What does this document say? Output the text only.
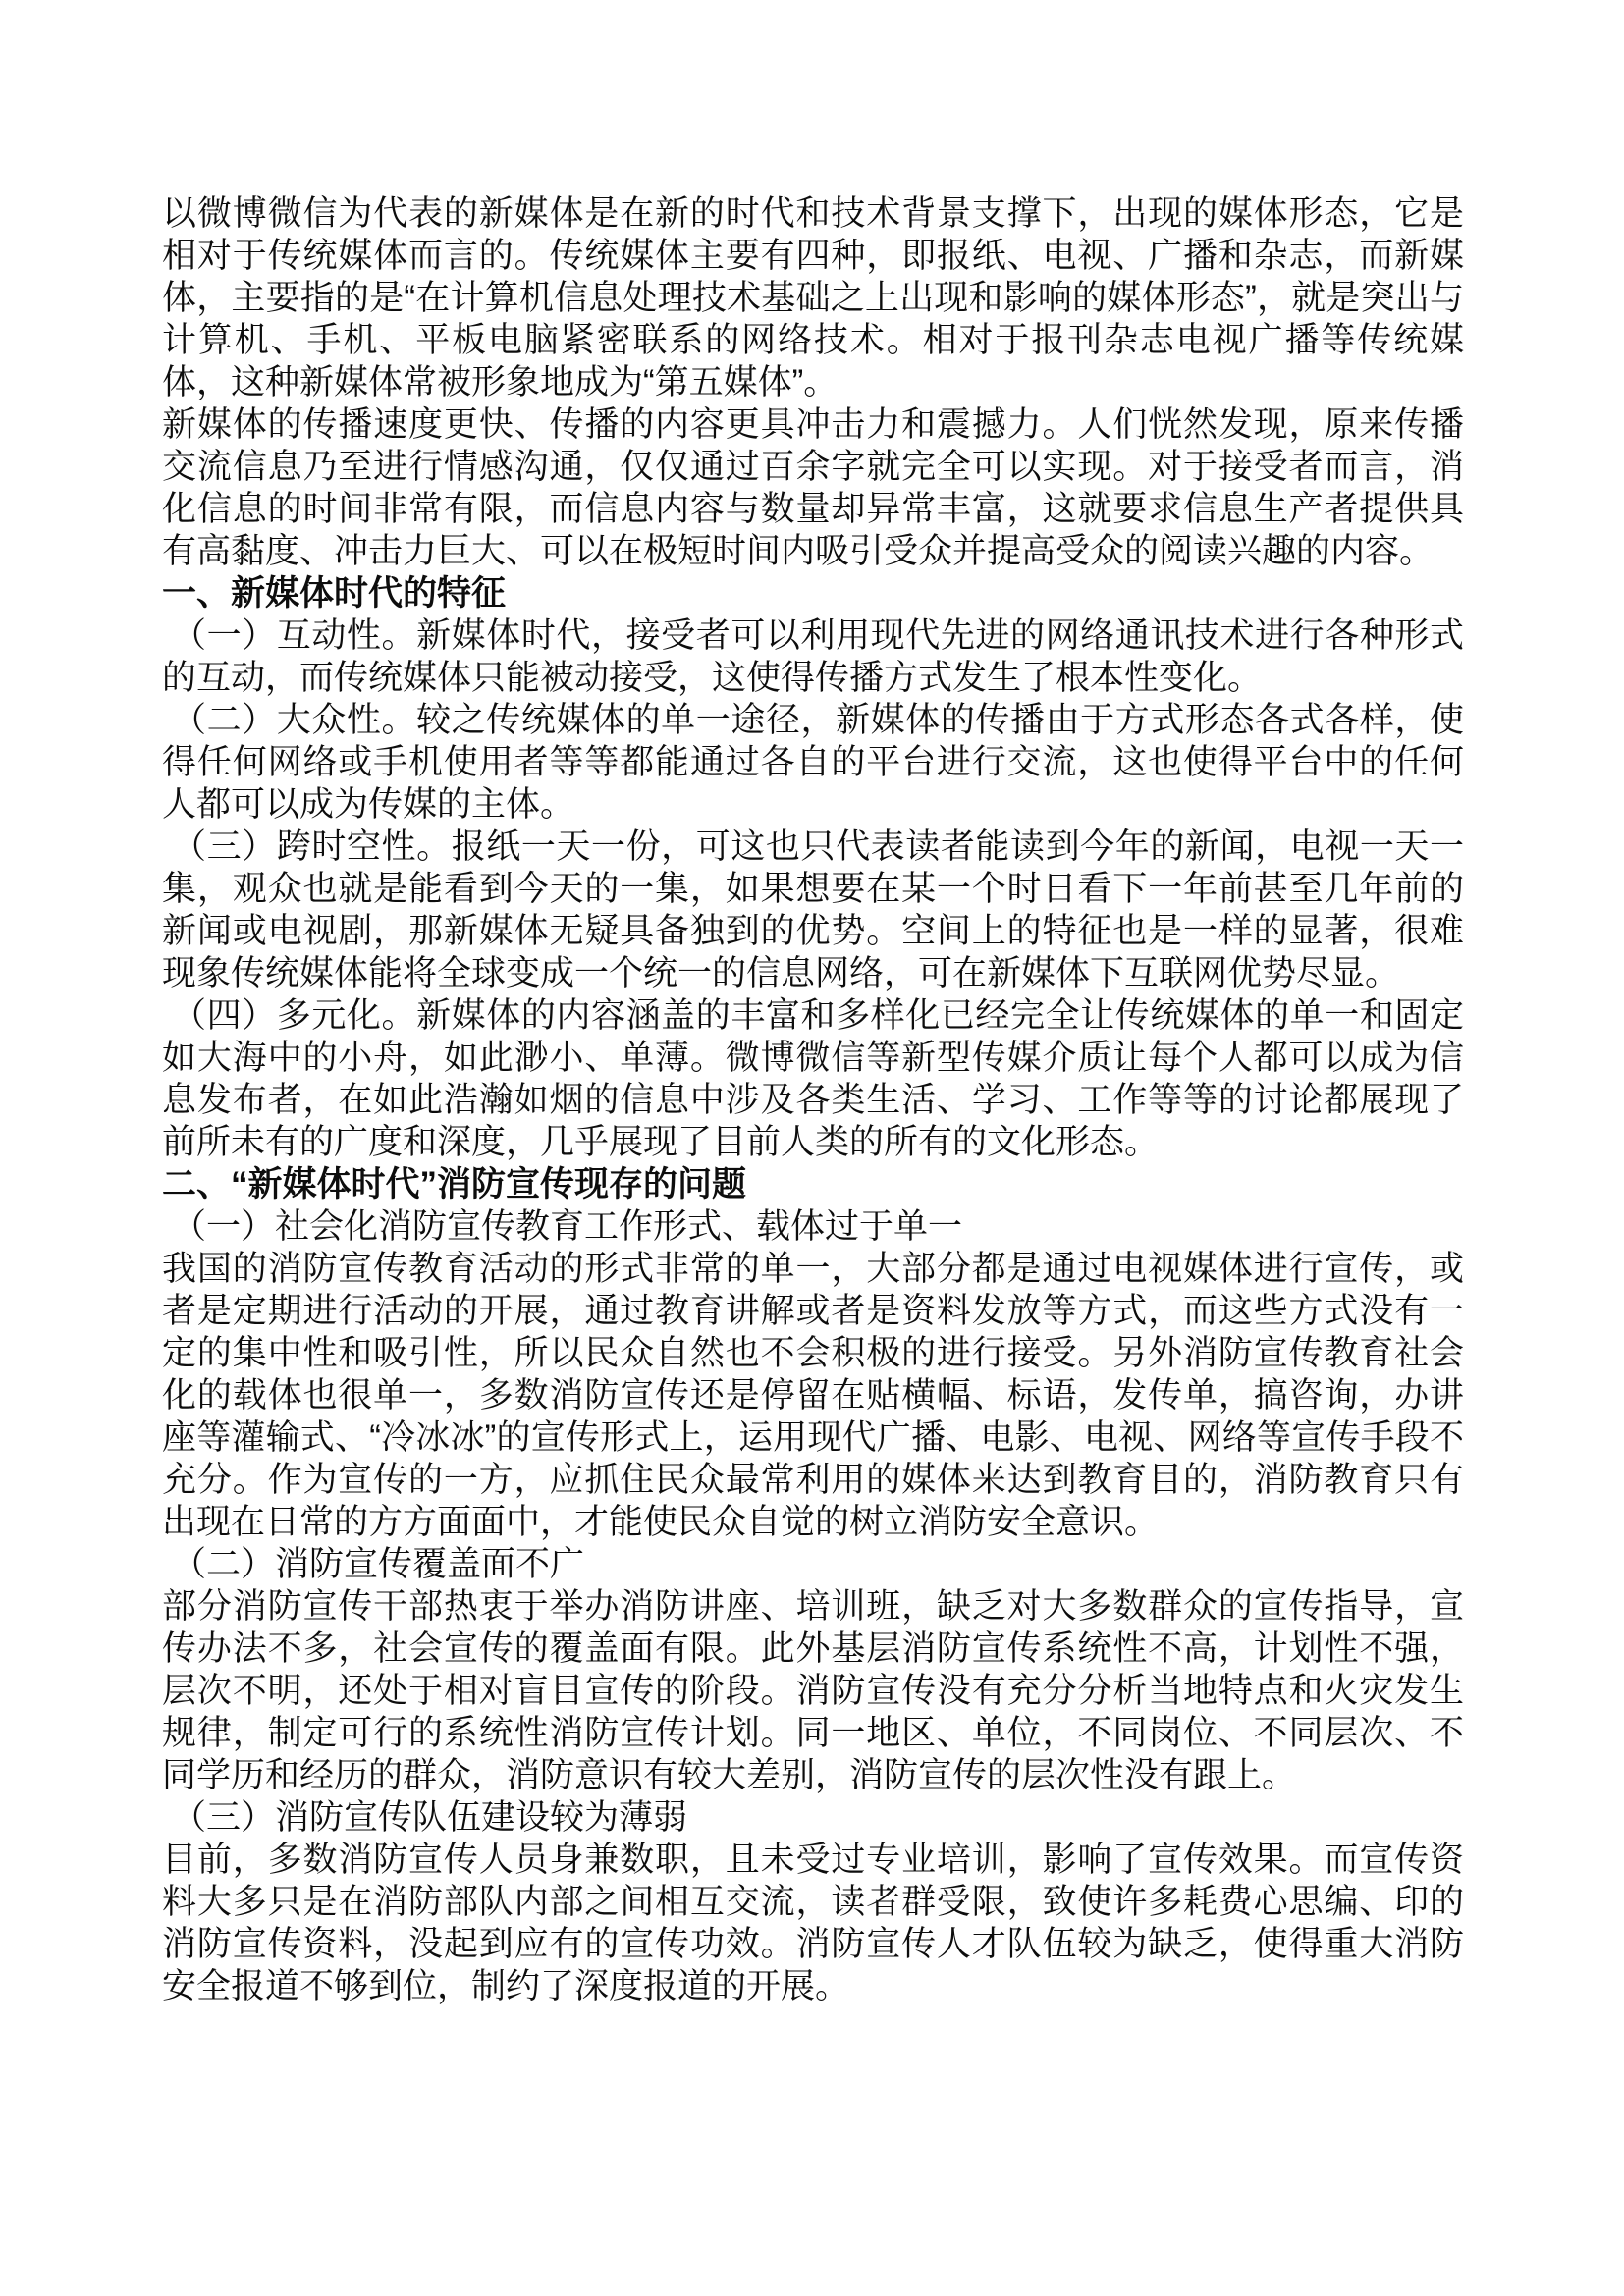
以微博微信为代表的新媒体是在新的时代和技术背景支撑下，出现的媒体形态，它是相对于传统媒体而言的。传统媒体主要有四种，即报纸、电视、广播和杂志，而新媒体，主要指的是“在计算机信息处理技术基础之上出现和影响的媒体形态”，就是突出与计算机、手机、平板电脑紧密联系的网络技术。相对于报刊杂志电视广播等传统媒体，这种新媒体常被形象地成为“第五媒体”。

新媒体的传播速度更快、传播的内容更具冲击力和震撼力。人们恍然发现，原来传播交流信息乃至进行情感沟通，仅仅通过百余字就完全可以实现。对于接受者而言，消化信息的时间非常有限，而信息内容与数量却异常丰富，这就要求信息生产者提供具有高黏度、冲击力巨大、可以在极短时间内吸引受众并提高受众的阅读兴趣的内容。

一、新媒体时代的特征

（一）互动性。新媒体时代，接受者可以利用现代先进的网络通讯技术进行各种形式的互动，而传统媒体只能被动接受，这使得传播方式发生了根本性变化。

（二）大众性。较之传统媒体的单一途径，新媒体的传播由于方式形态各式各样，使得任何网络或手机使用者等等都能通过各自的平台进行交流，这也使得平台中的任何人都可以成为传媒的主体。

（三）跨时空性。报纸一天一份，可这也只代表读者能读到今年的新闻，电视一天一集，观众也就是能看到今天的一集，如果想要在某一个时日看下一年前甚至几年前的新闻或电视剧，那新媒体无疑具备独到的优势。空间上的特征也是一样的显著，很难现象传统媒体能将全球变成一个统一的信息网络，可在新媒体下互联网优势尽显。

（四）多元化。新媒体的内容涵盖的丰富和多样化已经完全让传统媒体的单一和固定如大海中的小舟，如此渺小、单薄。微博微信等新型传媒介质让每个人都可以成为信息发布者，在如此浩瀚如烟的信息中涉及各类生活、学习、工作等等的讨论都展现了前所未有的广度和深度，几乎展现了目前人类的所有的文化形态。

二、“新媒体时代”消防宣传现存的问题

（一）社会化消防宣传教育工作形式、载体过于单一

我国的消防宣传教育活动的形式非常的单一，大部分都是通过电视媒体进行宣传，或者是定期进行活动的开展，通过教育讲解或者是资料发放等方式，而这些方式没有一定的集中性和吸引性，所以民众自然也不会积极的进行接受。另外消防宣传教育社会化的载体也很单一，多数消防宣传还是停留在贴横幅、标语，发传单，搞咨询，办讲座等灌输式、“冷冰冰”的宣传形式上，运用现代广播、电影、电视、网络等宣传手段不充分。作为宣传的一方，应抓住民众最常利用的媒体来达到教育目的，消防教育只有出现在日常的方方面面中，才能使民众自觉的树立消防安全意识。

（二）消防宣传覆盖面不广

部分消防宣传干部热衷于举办消防讲座、培训班，缺乏对大多数群众的宣传指导，宣传办法不多，社会宣传的覆盖面有限。此外基层消防宣传系统性不高，计划性不强，层次不明，还处于相对盲目宣传的阶段。消防宣传没有充分分析当地特点和火灾发生规律，制定可行的系统性消防宣传计划。同一地区、单位，不同岗位、不同层次、不同学历和经历的群众，消防意识有较大差别，消防宣传的层次性没有跟上。

（三）消防宣传队伍建设较为薄弱

目前，多数消防宣传人员身兼数职，且未受过专业培训，影响了宣传效果。而宣传资料大多只是在消防部队内部之间相互交流，读者群受限，致使许多耗费心思编、印的消防宣传资料，没起到应有的宣传功效。消防宣传人才队伍较为缺乏，使得重大消防安全报道不够到位，制约了深度报道的开展。
